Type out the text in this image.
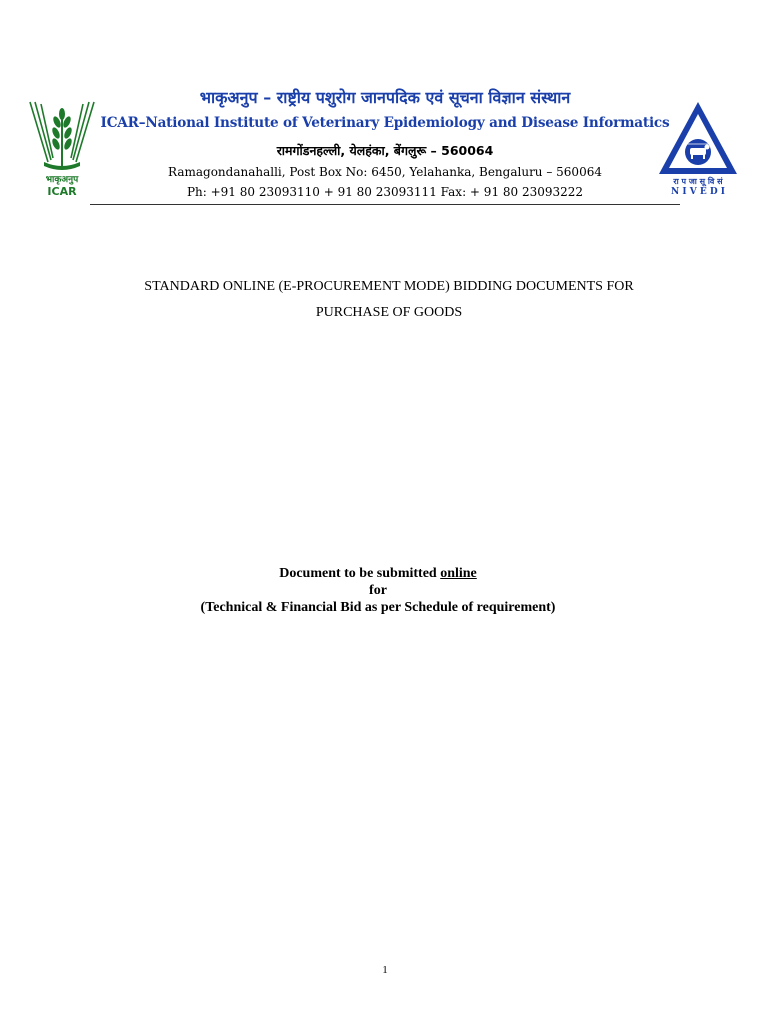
भाकृअनुप
ICAR
भाकृअनुप – राष्ट्रीय पशुरोग जानपदिक एवं सूचना विज्ञान संस्थान
ICAR–National Institute of Veterinary Epidemiology and Disease Informatics
रामगोंडनहल्ली, येलहंका, बेंगलुरू – 560064
Ramagondanahalli, Post Box No: 6450, Yelahanka, Bengaluru – 560064
Ph: +91 80 23093110 + 91 80 23093111 Fax: + 91 80 23093222
रा प जा सू वि सं
N I V E D I
STANDARD ONLINE (E-PROCUREMENT MODE) BIDDING DOCUMENTS FOR
PURCHASE OF GOODS
Document to be submitted online
for
(Technical & Financial Bid as per Schedule of requirement)
1
